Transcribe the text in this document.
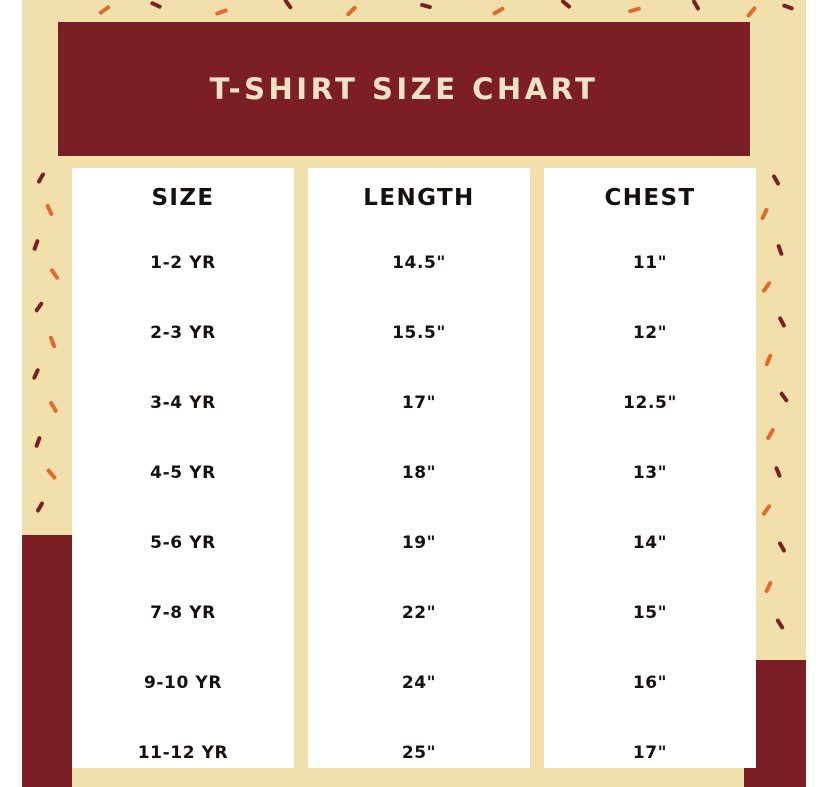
T-SHIRT SIZE CHART
SIZE
1-2 YR
2-3 YR
3-4 YR
4-5 YR
5-6 YR
7-8 YR
9-10 YR
11-12 YR
LENGTH
14.5"
15.5"
17"
18"
19"
22"
24"
25"
CHEST
11"
12"
12.5"
13"
14"
15"
16"
17"
